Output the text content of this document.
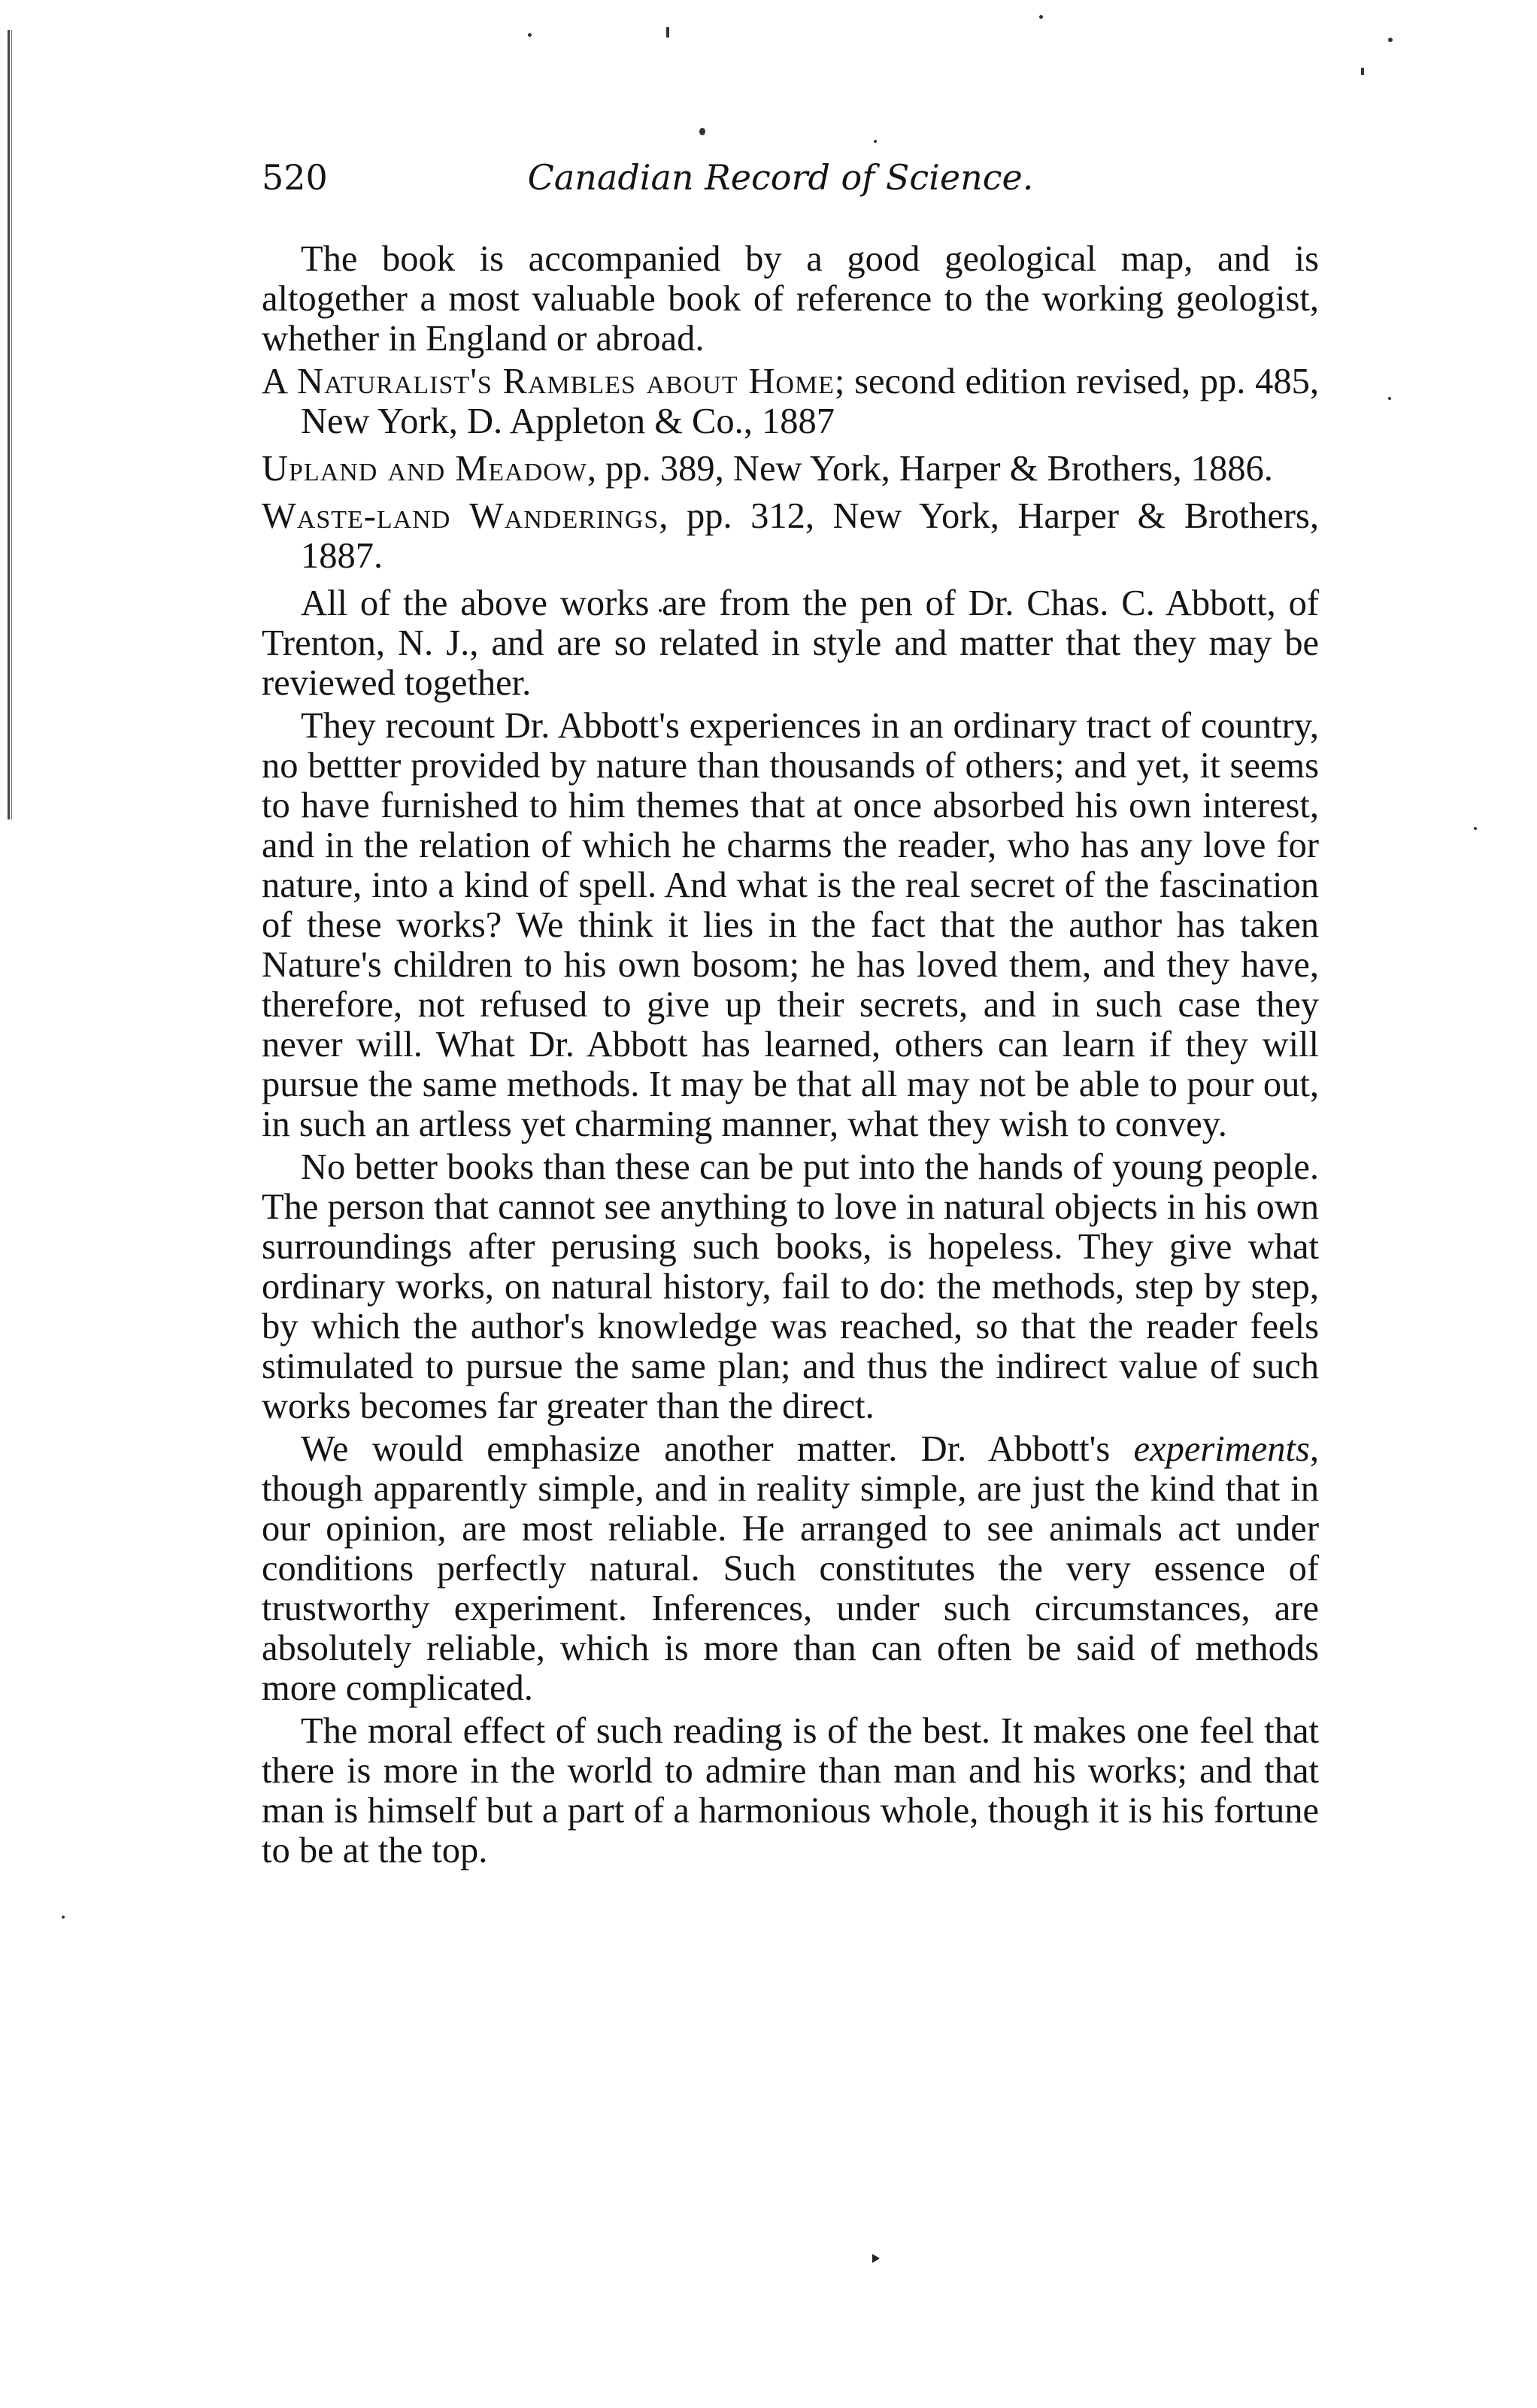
520	Canadian Record of Science.

The book is accompanied by a good geological map, and is altogether a most valuable book of reference to the working geologist, whether in England or abroad.

A Naturalist's Rambles about Home; second edition revised, pp. 485, New York, D. Appleton & Co., 1887

Upland and Meadow, pp. 389, New York, Harper & Brothers, 1886.

Waste-land Wanderings, pp. 312, New York, Harper & Brothers, 1887.

All of the above works are from the pen of Dr. Chas. C. Abbott, of Trenton, N. J., and are so related in style and matter that they may be reviewed together.

They recount Dr. Abbott's experiences in an ordinary tract of country, no bettter provided by nature than thousands of others; and yet, it seems to have furnished to him themes that at once absorbed his own interest, and in the relation of which he charms the reader, who has any love for nature, into a kind of spell. And what is the real secret of the fascination of these works? We think it lies in the fact that the author has taken Nature's children to his own bosom; he has loved them, and they have, therefore, not refused to give up their secrets, and in such case they never will. What Dr. Abbott has learned, others can learn if they will pursue the same methods. It may be that all may not be able to pour out, in such an artless yet charming manner, what they wish to convey.

No better books than these can be put into the hands of young people. The person that cannot see anything to love in natural objects in his own surroundings after perusing such books, is hopeless. They give what ordinary works, on natural history, fail to do: the methods, step by step, by which the author's knowledge was reached, so that the reader feels stimulated to pursue the same plan; and thus the indirect value of such works becomes far greater than the direct.

We would emphasize another matter. Dr. Abbott's experiments, though apparently simple, and in reality simple, are just the kind that in our opinion, are most reliable. He arranged to see animals act under conditions perfectly natural. Such constitutes the very essence of trustworthy experiment. Inferences, under such circumstances, are absolutely reliable, which is more than can often be said of methods more complicated.

The moral effect of such reading is of the best. It makes one feel that there is more in the world to admire than man and his works; and that man is himself but a part of a harmonious whole, though it is his fortune to be at the top.
